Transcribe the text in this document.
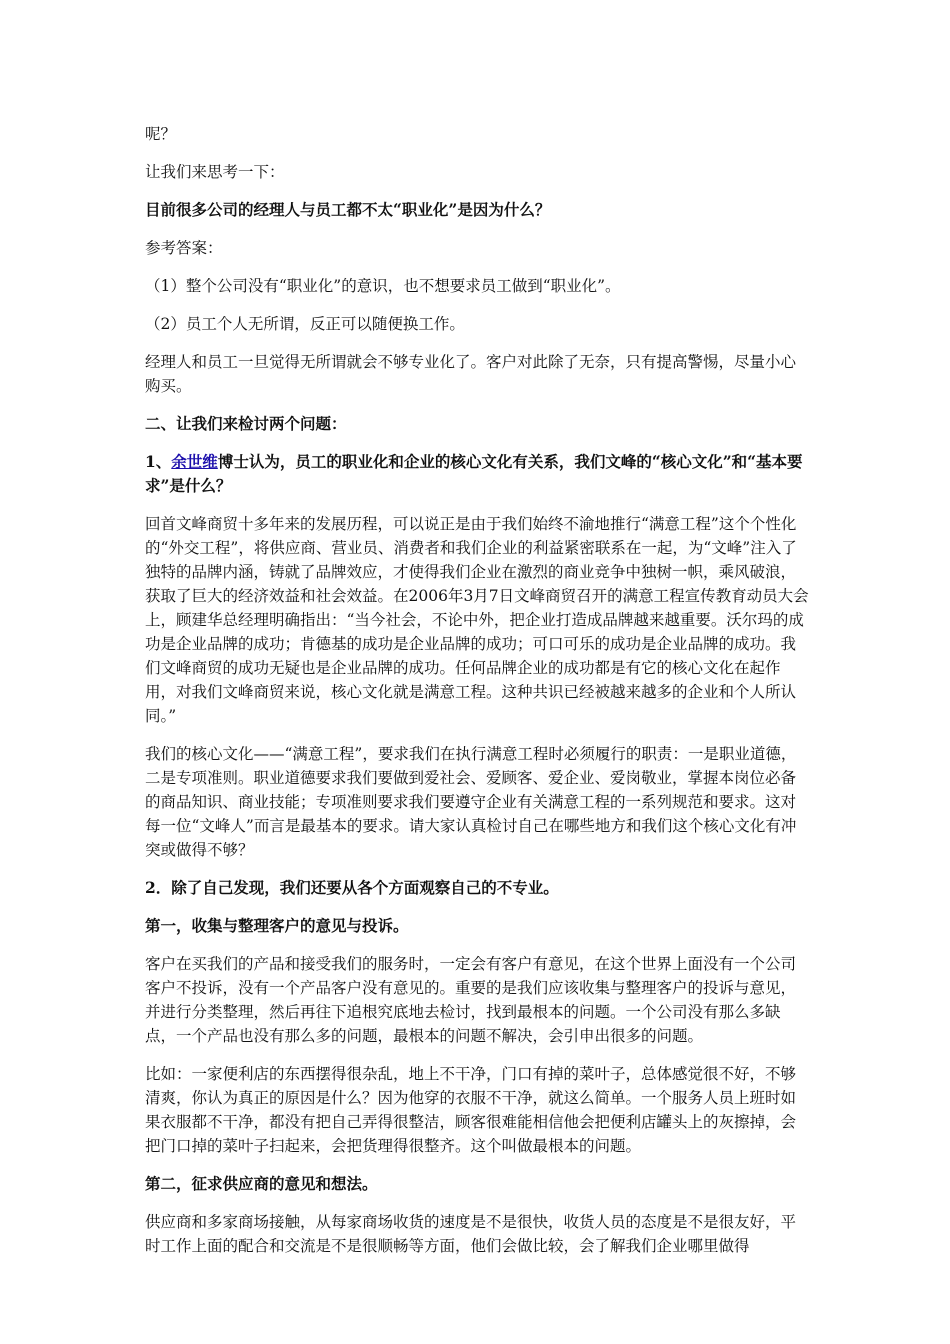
呢？

让我们来思考一下：

目前很多公司的经理人与员工都不太“职业化”是因为什么？

参考答案：

（1）整个公司没有“职业化”的意识，也不想要求员工做到“职业化”。

（2）员工个人无所谓，反正可以随便换工作。

经理人和员工一旦觉得无所谓就会不够专业化了。客户对此除了无奈，只有提高警惕，尽量小心购买。

二、让我们来检讨两个问题：

1、余世维博士认为，员工的职业化和企业的核心文化有关系，我们文峰的“核心文化”和“基本要求”是什么？

回首文峰商贸十多年来的发展历程，可以说正是由于我们始终不渝地推行“满意工程”这个个性化的“外交工程”，将供应商、营业员、消费者和我们企业的利益紧密联系在一起，为“文峰”注入了独特的品牌内涵，铸就了品牌效应，才使得我们企业在激烈的商业竞争中独树一帜，乘风破浪，获取了巨大的经济效益和社会效益。在2006年3月7日文峰商贸召开的满意工程宣传教育动员大会上，顾建华总经理明确指出：“当今社会，不论中外，把企业打造成品牌越来越重要。沃尔玛的成功是企业品牌的成功；肯德基的成功是企业品牌的成功；可口可乐的成功是企业品牌的成功。我们文峰商贸的成功无疑也是企业品牌的成功。任何品牌企业的成功都是有它的核心文化在起作用，对我们文峰商贸来说，核心文化就是满意工程。这种共识已经被越来越多的企业和个人所认同。”

我们的核心文化——“满意工程”，要求我们在执行满意工程时必须履行的职责：一是职业道德，二是专项准则。职业道德要求我们要做到爱社会、爱顾客、爱企业、爱岗敬业，掌握本岗位必备的商品知识、商业技能；专项准则要求我们要遵守企业有关满意工程的一系列规范和要求。这对每一位“文峰人”而言是最基本的要求。请大家认真检讨自己在哪些地方和我们这个核心文化有冲突或做得不够？

2．除了自己发现，我们还要从各个方面观察自己的不专业。

第一，收集与整理客户的意见与投诉。

客户在买我们的产品和接受我们的服务时，一定会有客户有意见，在这个世界上面没有一个公司客户不投诉，没有一个产品客户没有意见的。重要的是我们应该收集与整理客户的投诉与意见，并进行分类整理，然后再往下追根究底地去检讨，找到最根本的问题。一个公司没有那么多缺点，一个产品也没有那么多的问题，最根本的问题不解决，会引申出很多的问题。

比如：一家便利店的东西摆得很杂乱，地上不干净，门口有掉的菜叶子，总体感觉很不好，不够清爽，你认为真正的原因是什么？因为他穿的衣服不干净，就这么简单。一个服务人员上班时如果衣服都不干净，都没有把自己弄得很整洁，顾客很难能相信他会把便利店罐头上的灰擦掉，会把门口掉的菜叶子扫起来，会把货理得很整齐。这个叫做最根本的问题。

第二，征求供应商的意见和想法。

供应商和多家商场接触，从每家商场收货的速度是不是很快，收货人员的态度是不是很友好，平时工作上面的配合和交流是不是很顺畅等方面，他们会做比较，会了解我们企业哪里做得
